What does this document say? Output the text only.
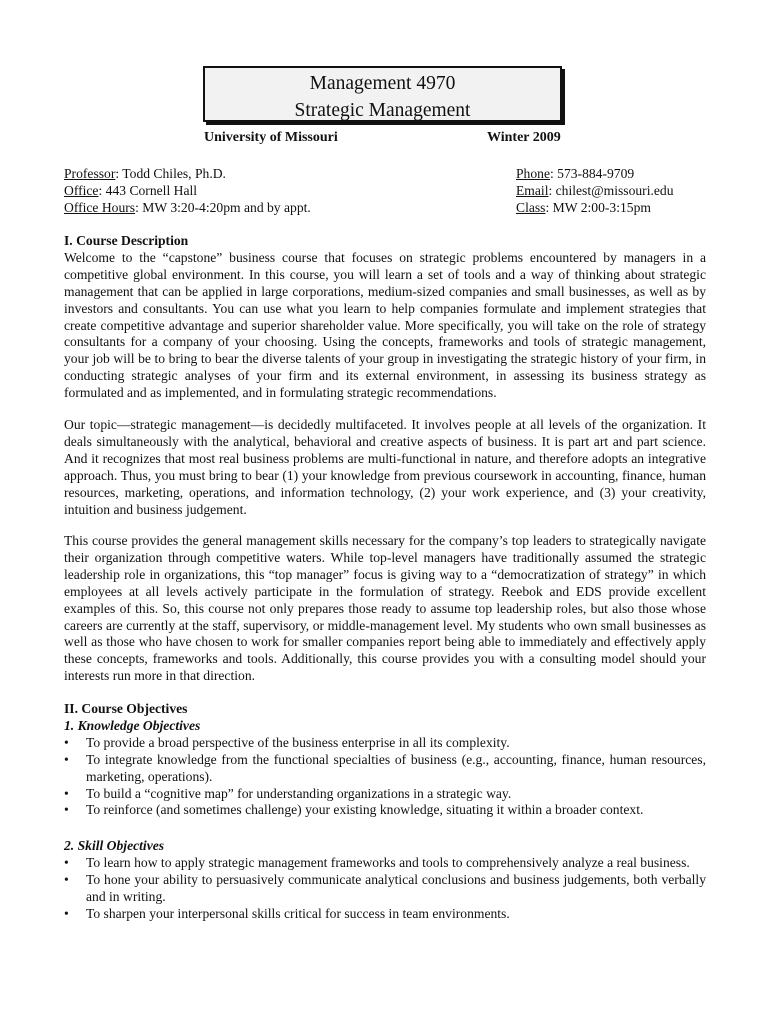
Management 4970
Strategic Management
University of Missouri	Winter 2009
Professor: Todd Chiles, Ph.D.
Office: 443 Cornell Hall
Office Hours: MW 3:20-4:20pm and by appt.
Phone: 573-884-9709
Email: chilest@missouri.edu
Class: MW 2:00-3:15pm
I. Course Description

Welcome to the “capstone” business course that focuses on strategic problems encountered by managers in a competitive global environment. In this course, you will learn a set of tools and a way of thinking about strategic management that can be applied in large corporations, medium-sized companies and small businesses, as well as by investors and consultants. You can use what you learn to help companies formulate and implement strategies that create competitive advantage and superior shareholder value. More specifically, you will take on the role of strategy consultants for a company of your choosing. Using the concepts, frameworks and tools of strategic management, your job will be to bring to bear the diverse talents of your group in investigating the strategic history of your firm, in conducting strategic analyses of your firm and its external environment, in assessing its business strategy as formulated and as implemented, and in formulating strategic recommendations.

Our topic—strategic management—is decidedly multifaceted. It involves people at all levels of the organization. It deals simultaneously with the analytical, behavioral and creative aspects of business. It is part art and part science. And it recognizes that most real business problems are multi-functional in nature, and therefore adopts an integrative approach. Thus, you must bring to bear (1) your knowledge from previous coursework in accounting, finance, human resources, marketing, operations, and information technology, (2) your work experience, and (3) your creativity, intuition and business judgement.

This course provides the general management skills necessary for the company’s top leaders to strategically navigate their organization through competitive waters. While top-level managers have traditionally assumed the strategic leadership role in organizations, this “top manager” focus is giving way to a “democratization of strategy” in which employees at all levels actively participate in the formulation of strategy. Reebok and EDS provide excellent examples of this. So, this course not only prepares those ready to assume top leadership roles, but also those whose careers are currently at the staff, supervisory, or middle-management level. My students who own small businesses as well as those who have chosen to work for smaller companies report being able to immediately and effectively apply these concepts, frameworks and tools. Additionally, this course provides you with a consulting model should your interests run more in that direction.

II. Course Objectives
1. Knowledge Objectives
• To provide a broad perspective of the business enterprise in all its complexity.
• To integrate knowledge from the functional specialties of business (e.g., accounting, finance, human resources, marketing, operations).
• To build a “cognitive map” for understanding organizations in a strategic way.
• To reinforce (and sometimes challenge) your existing knowledge, situating it within a broader context.
2. Skill Objectives
• To learn how to apply strategic management frameworks and tools to comprehensively analyze a real business.
• To hone your ability to persuasively communicate analytical conclusions and business judgements, both verbally and in writing.
• To sharpen your interpersonal skills critical for success in team environments.
